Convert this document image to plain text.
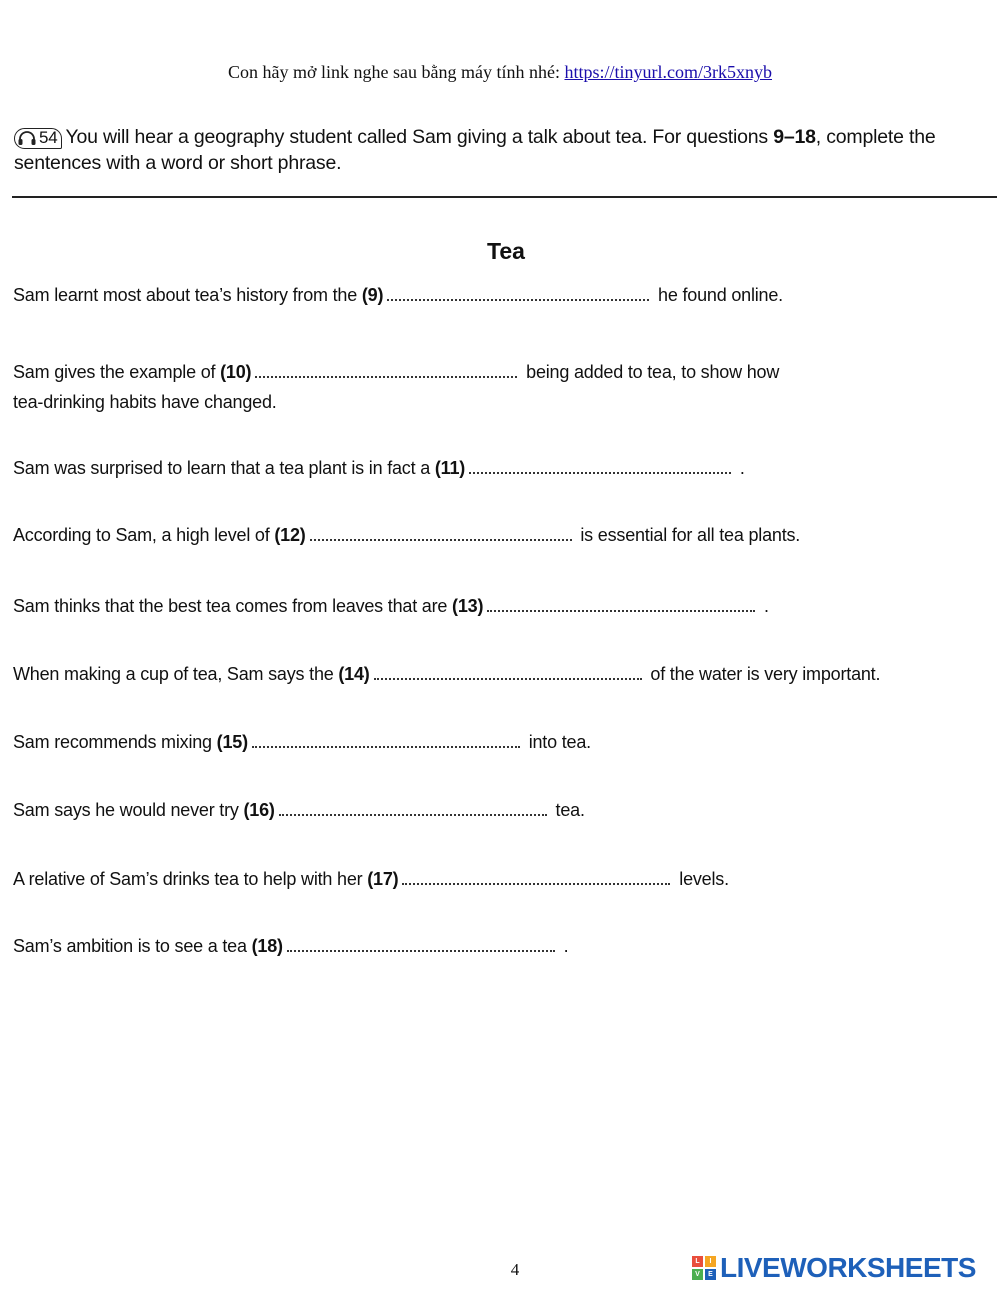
Con hãy mở link nghe sau bằng máy tính nhé: https://tinyurl.com/3rk5xnyb
54 You will hear a geography student called Sam giving a talk about tea. For questions 9–18, complete the sentences with a word or short phrase.
Tea
Sam learnt most about tea’s history from the (9)	he found online.
Sam gives the example of (10)	being added to tea, to show how
tea-drinking habits have changed.
Sam was surprised to learn that a tea plant is in fact a (11)	.
According to Sam, a high level of (12)	is essential for all tea plants.
Sam thinks that the best tea comes from leaves that are (13)	.
When making a cup of tea, Sam says the (14)	of the water is very important.
Sam recommends mixing (15)	into tea.
Sam says he would never try (16)	tea.
A relative of Sam’s drinks tea to help with her (17)	levels.
Sam’s ambition is to see a tea (18)	.
4	L	I
V	E LIVEWORKSHEETS
